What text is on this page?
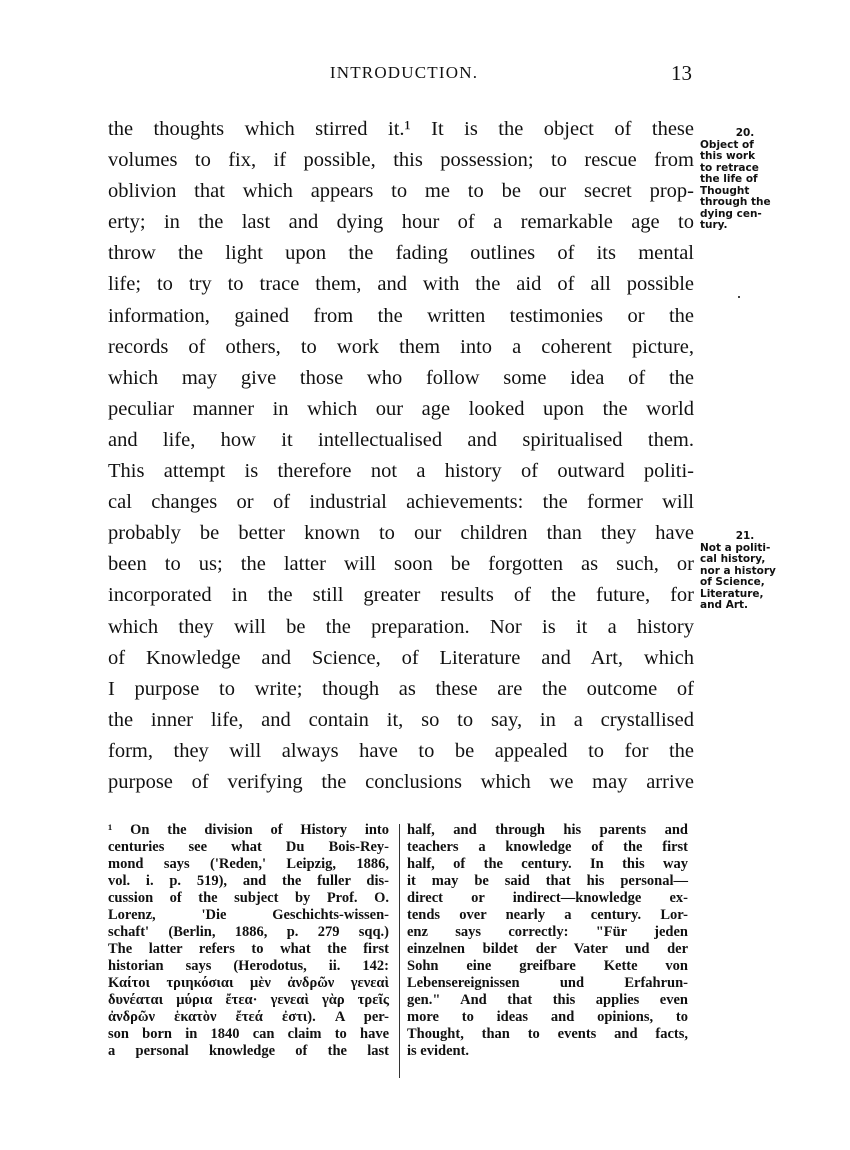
INTRODUCTION.	13
the thoughts which stirred it.¹ It is the object of these
volumes to fix, if possible, this possession; to rescue from
oblivion that which appears to me to be our secret prop-
erty; in the last and dying hour of a remarkable age to
throw the light upon the fading outlines of its mental
life; to try to trace them, and with the aid of all possible
information, gained from the written testimonies or the
records of others, to work them into a coherent picture,
which may give those who follow some idea of the
peculiar manner in which our age looked upon the world
and life, how it intellectualised and spiritualised them.
This attempt is therefore not a history of outward politi-
cal changes or of industrial achievements: the former will
probably be better known to our children than they have
been to us; the latter will soon be forgotten as such, or
incorporated in the still greater results of the future, for
which they will be the preparation. Nor is it a history
of Knowledge and Science, of Literature and Art, which
I purpose to write; though as these are the outcome of
the inner life, and contain it, so to say, in a crystallised
form, they will always have to be appealed to for the
purpose of verifying the conclusions which we may arrive
20.
Object of
this work
to retrace
the life of
Thought
through the
dying cen-
tury.
21.
Not a politi-
cal history,
nor a history
of Science,
Literature,
and Art.
¹ On the division of History into
centuries see what Du Bois-Rey-
mond says ('Reden,' Leipzig, 1886,
vol. i. p. 519), and the fuller dis-
cussion of the subject by Prof. O.
Lorenz, 'Die Geschichts-wissen-
schaft' (Berlin, 1886, p. 279 sqq.)
The latter refers to what the first
historian says (Herodotus, ii. 142:
Καίτοι τριηκόσιαι μὲν ἀνδρῶν γενεαὶ
δυνέαται μύρια ἔτεα· γενεαὶ γὰρ τρεῖς
ἀνδρῶν ἑκατὸν ἔτεά ἐστι). A per-
son born in 1840 can claim to have
a personal knowledge of the last
half, and through his parents and
teachers a knowledge of the first
half, of the century. In this way
it may be said that his personal—
direct or indirect—knowledge ex-
tends over nearly a century. Lor-
enz says correctly: "Für jeden
einzelnen bildet der Vater und der
Sohn eine greifbare Kette von
Lebensereignissen und Erfahrun-
gen." And that this applies even
more to ideas and opinions, to
Thought, than to events and facts,
is evident.
